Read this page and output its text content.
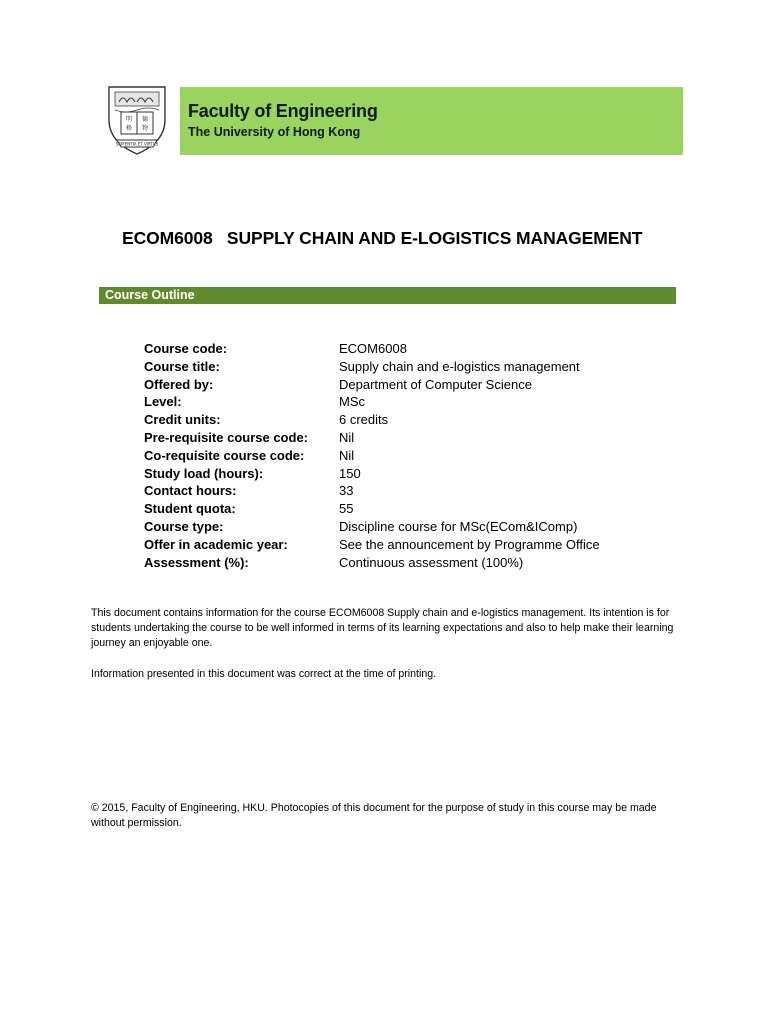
明 德
格 物
SAPIENTIA ET VIRTUS
Faculty of Engineering
The University of Hong Kong
ECOM6008   SUPPLY CHAIN AND E-LOGISTICS MANAGEMENT
Course Outline
Course code:	ECOM6008
Course title:	Supply chain and e-logistics management
Offered by:	Department of Computer Science
Level:	MSc
Credit units:	6 credits
Pre-requisite course code:	Nil
Co-requisite course code:	Nil
Study load (hours):	150
Contact hours:	33
Student quota:	55
Course type:	Discipline course for MSc(ECom&IComp)
Offer in academic year:	See the announcement by Programme Office
Assessment (%):	Continuous assessment (100%)

This document contains information for the course ECOM6008 Supply chain and e-logistics management. Its intention is for students undertaking the course to be well informed in terms of its learning expectations and also to help make their learning journey an enjoyable one.

Information presented in this document was correct at the time of printing.

© 2015, Faculty of Engineering, HKU. Photocopies of this document for the purpose of study in this course may be made without permission.
